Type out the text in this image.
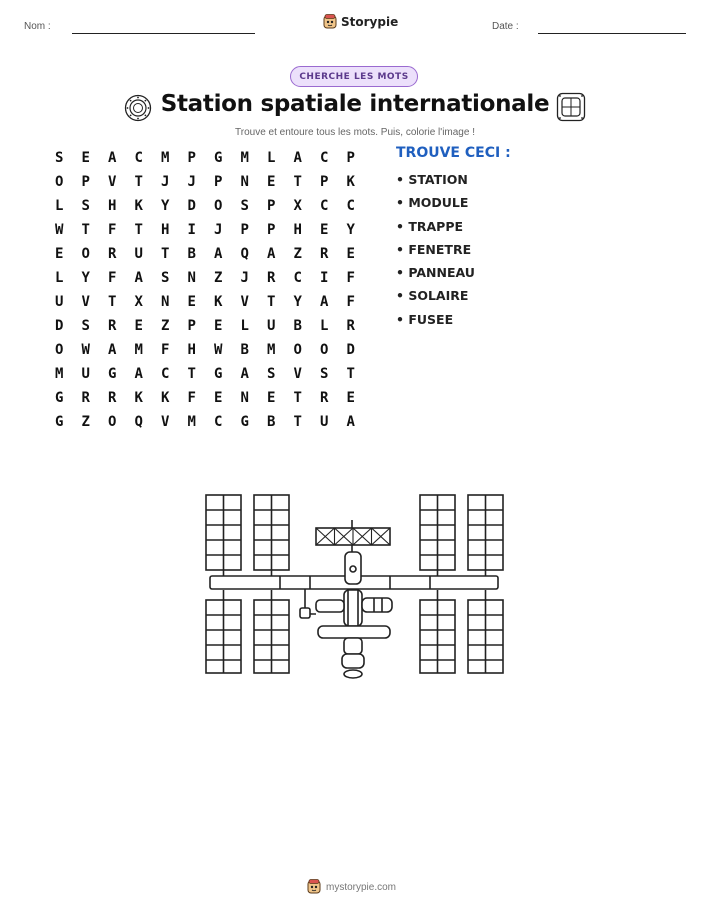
Nom :	Storypie	Date :
CHERCHE LES MOTS
Station spatiale internationale
Trouve et entoure tous les mots. Puis, colorie l'image !
S	E	A	C	M	P	G	M	L	A	C	P
O	P	V	T	J	J	P	N	E	T	P	K
L	S	H	K	Y	D	O	S	P	X	C	C
W	T	F	T	H	I	J	P	P	H	E	Y
E	O	R	U	T	B	A	Q	A	Z	R	E
L	Y	F	A	S	N	Z	J	R	C	I	F
U	V	T	X	N	E	K	V	T	Y	A	F
D	S	R	E	Z	P	E	L	U	B	L	R
O	W	A	M	F	H	W	B	M	O	O	D
M	U	G	A	C	T	G	A	S	V	S	T
G	R	R	K	K	F	E	N	E	T	R	E
G	Z	O	Q	V	M	C	G	B	T	U	A
TROUVE CECI :
• STATION
• MODULE
• TRAPPE
• FENETRE
• PANNEAU
• SOLAIRE
• FUSEE
mystorypie.com
